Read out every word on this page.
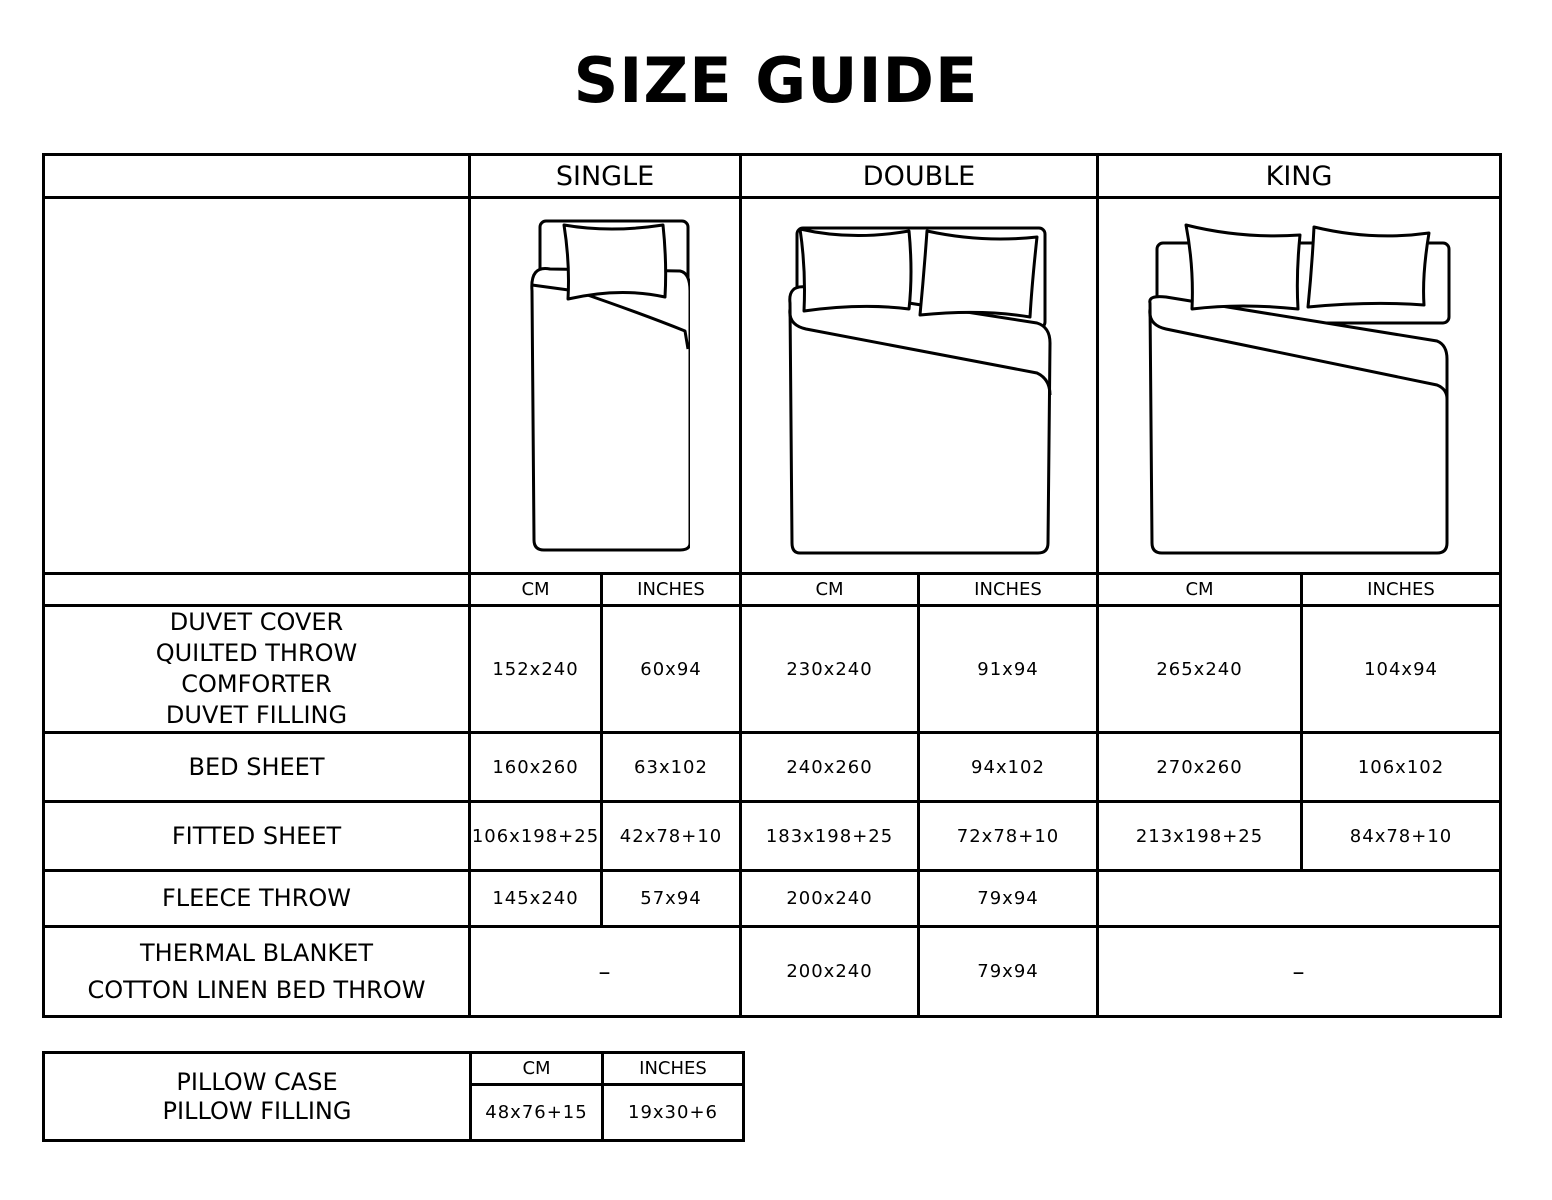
SIZE GUIDE
	SINGLE		DOUBLE		KING	

	CM	INCHES	CM	INCHES	CM	INCHES

DUVET COVER
QUILTED THROW
COMFORTER
DUVET FILLING	152x240	60x94	230x240	91x94	265x240	104x94

BED SHEET	160x260	63x102	240x260	94x102	270x260	106x102

FITTED SHEET	106x198+25	42x78+10	183x198+25	72x78+10	213x198+25	84x78+10

FLEECE THROW	145x240	57x94	200x240	79x94		

THERMAL BLANKET
COTTON LINEN BED THROW	–		200x240	79x94	–	
PILLOW CASE
PILLOW FILLING	CM	INCHES
	48x76+15	19x30+6
